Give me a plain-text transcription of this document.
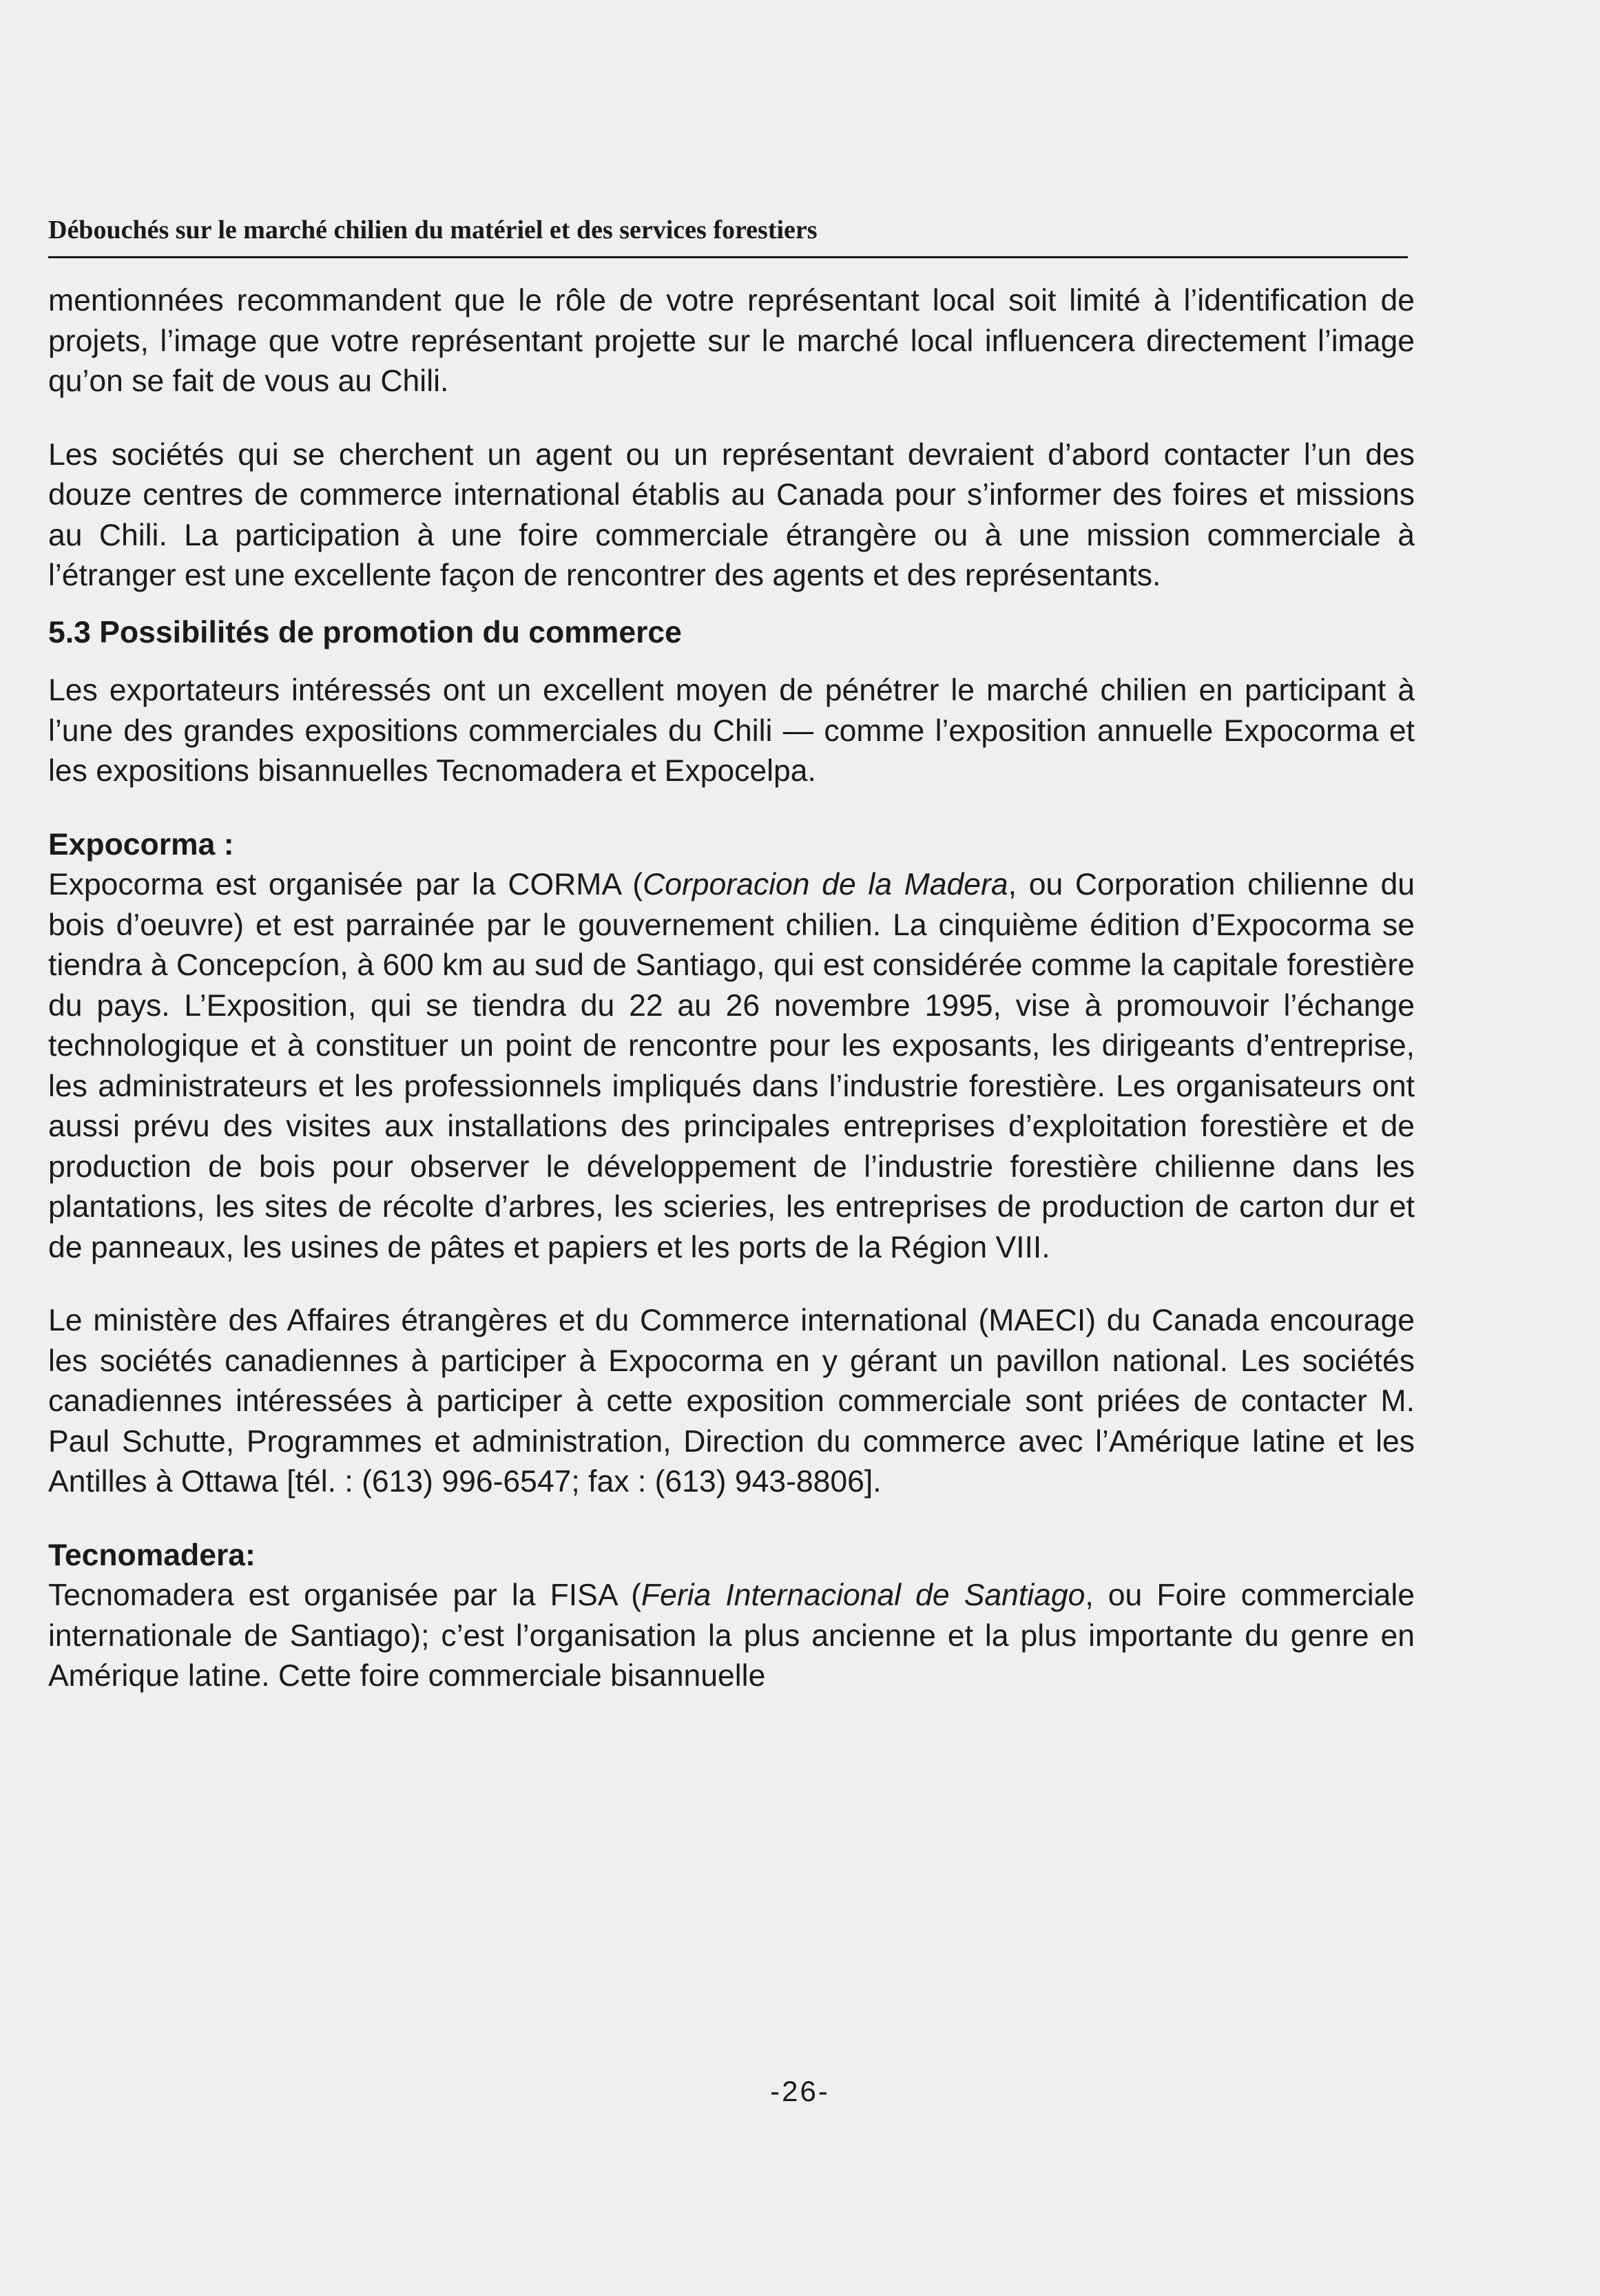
Débouchés sur le marché chilien du matériel et des services forestiers

mentionnées recommandent que le rôle de votre représentant local soit limité à l’identification de projets, l’image que votre représentant projette sur le marché local influencera directement l’image qu’on se fait de vous au Chili.

Les sociétés qui se cherchent un agent ou un représentant devraient d’abord contacter l’un des douze centres de commerce international établis au Canada pour s’informer des foires et missions au Chili. La participation à une foire commerciale étrangère ou à une mission commerciale à l’étranger est une excellente façon de rencontrer des agents et des représentants.

5.3 Possibilités de promotion du commerce

Les exportateurs intéressés ont un excellent moyen de pénétrer le marché chilien en participant à l’une des grandes expositions commerciales du Chili — comme l’exposition annuelle Expocorma et les expositions bisannuelles Tecnomadera et Expocelpa.

Expocorma :

Expocorma est organisée par la CORMA (Corporacion de la Madera, ou Corporation chilienne du bois d’oeuvre) et est parrainée par le gouvernement chilien. La cinquième édition d’Expocorma se tiendra à Concepcíon, à 600 km au sud de Santiago, qui est considérée comme la capitale forestière du pays. L’Exposition, qui se tiendra du 22 au 26 novembre 1995, vise à promouvoir l’échange technologique et à constituer un point de rencontre pour les exposants, les dirigeants d’entreprise, les administrateurs et les professionnels impliqués dans l’industrie forestière. Les organisateurs ont aussi prévu des visites aux installations des principales entreprises d’exploitation forestière et de production de bois pour observer le développement de l’industrie forestière chilienne dans les plantations, les sites de récolte d’arbres, les scieries, les entreprises de production de carton dur et de panneaux, les usines de pâtes et papiers et les ports de la Région VIII.

Le ministère des Affaires étrangères et du Commerce international (MAECI) du Canada encourage les sociétés canadiennes à participer à Expocorma en y gérant un pavillon national. Les sociétés canadiennes intéressées à participer à cette exposition commerciale sont priées de contacter M. Paul Schutte, Programmes et administration, Direction du commerce avec l’Amérique latine et les Antilles à Ottawa [tél. : (613) 996-6547; fax : (613) 943-8806].

Tecnomadera:

Tecnomadera est organisée par la FISA (Feria Internacional de Santiago, ou Foire commerciale internationale de Santiago); c’est l’organisation la plus ancienne et la plus importante du genre en Amérique latine. Cette foire commerciale bisannuelle

-26-
